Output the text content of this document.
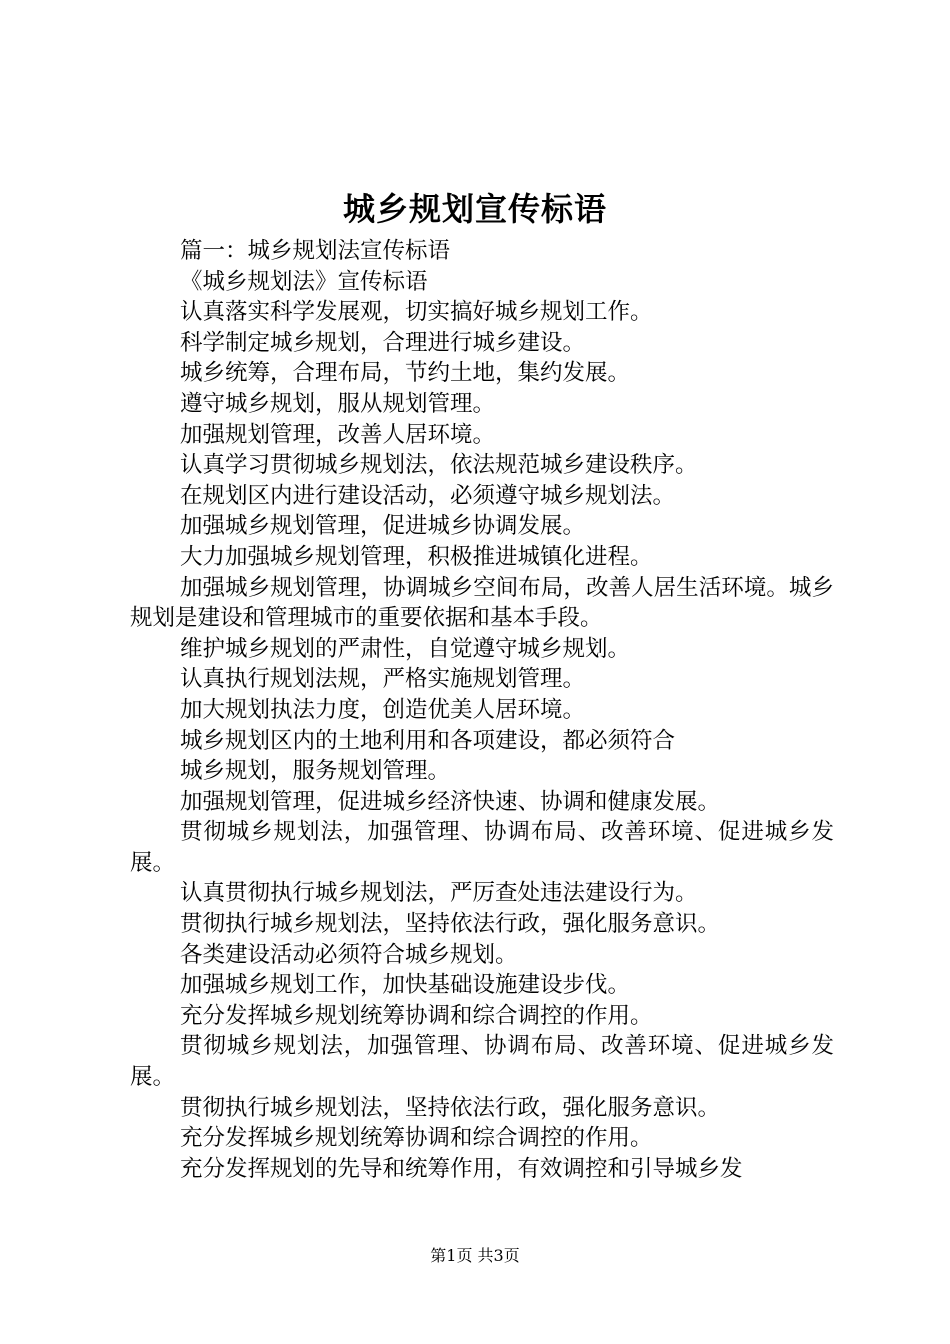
城乡规划宣传标语

篇一：城乡规划法宣传标语

《城乡规划法》宣传标语

认真落实科学发展观，切实搞好城乡规划工作。

科学制定城乡规划，合理进行城乡建设。

城乡统筹，合理布局，节约土地，集约发展。

遵守城乡规划，服从规划管理。

加强规划管理，改善人居环境。

认真学习贯彻城乡规划法，依法规范城乡建设秩序。

在规划区内进行建设活动，必须遵守城乡规划法。

加强城乡规划管理，促进城乡协调发展。

大力加强城乡规划管理，积极推进城镇化进程。

加强城乡规划管理，协调城乡空间布局，改善人居生活环境。城乡规划是建设和管理城市的重要依据和基本手段。

维护城乡规划的严肃性，自觉遵守城乡规划。

认真执行规划法规，严格实施规划管理。

加大规划执法力度，创造优美人居环境。

城乡规划区内的土地利用和各项建设，都必须符合

城乡规划，服务规划管理。

加强规划管理，促进城乡经济快速、协调和健康发展。

贯彻城乡规划法，加强管理、协调布局、改善环境、促进城乡发展。

认真贯彻执行城乡规划法，严厉查处违法建设行为。

贯彻执行城乡规划法，坚持依法行政，强化服务意识。

各类建设活动必须符合城乡规划。

加强城乡规划工作，加快基础设施建设步伐。

充分发挥城乡规划统筹协调和综合调控的作用。

贯彻城乡规划法，加强管理、协调布局、改善环境、促进城乡发展。

贯彻执行城乡规划法，坚持依法行政，强化服务意识。

充分发挥城乡规划统筹协调和综合调控的作用。

充分发挥规划的先导和统筹作用，有效调控和引导城乡发

第1页 共3页
